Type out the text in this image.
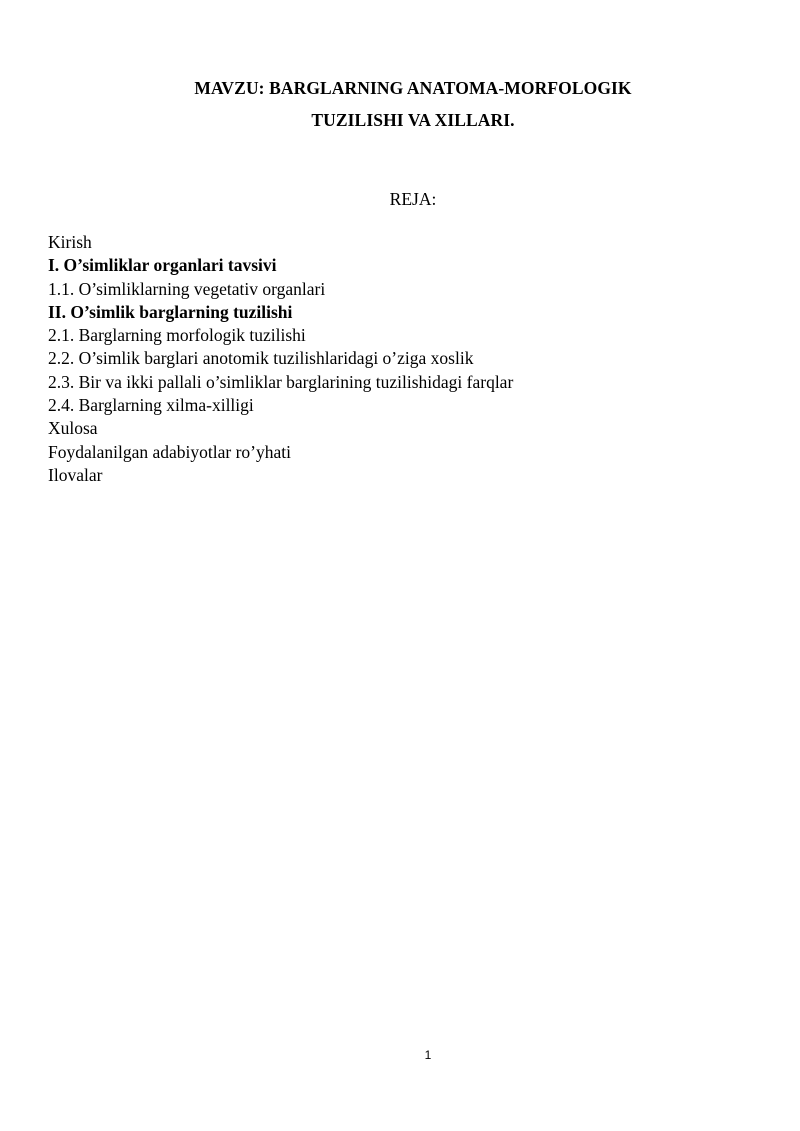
MAVZU: BARGLARNING ANATOMA-MORFOLOGIK
TUZILISHI VA XILLARI.
REJA:
Kirish
I. O’simliklar organlari tavsivi
1.1. O’simliklarning vegetativ organlari
II. O’simlik barglarning tuzilishi
2.1. Barglarning morfologik tuzilishi
2.2. O’simlik barglari anotomik tuzilishlaridagi o’ziga xoslik
2.3. Bir va ikki pallali o’simliklar barglarining tuzilishidagi farqlar
2.4. Barglarning xilma-xilligi
Xulosa
Foydalanilgan adabiyotlar ro’yhati
Ilovalar
1
